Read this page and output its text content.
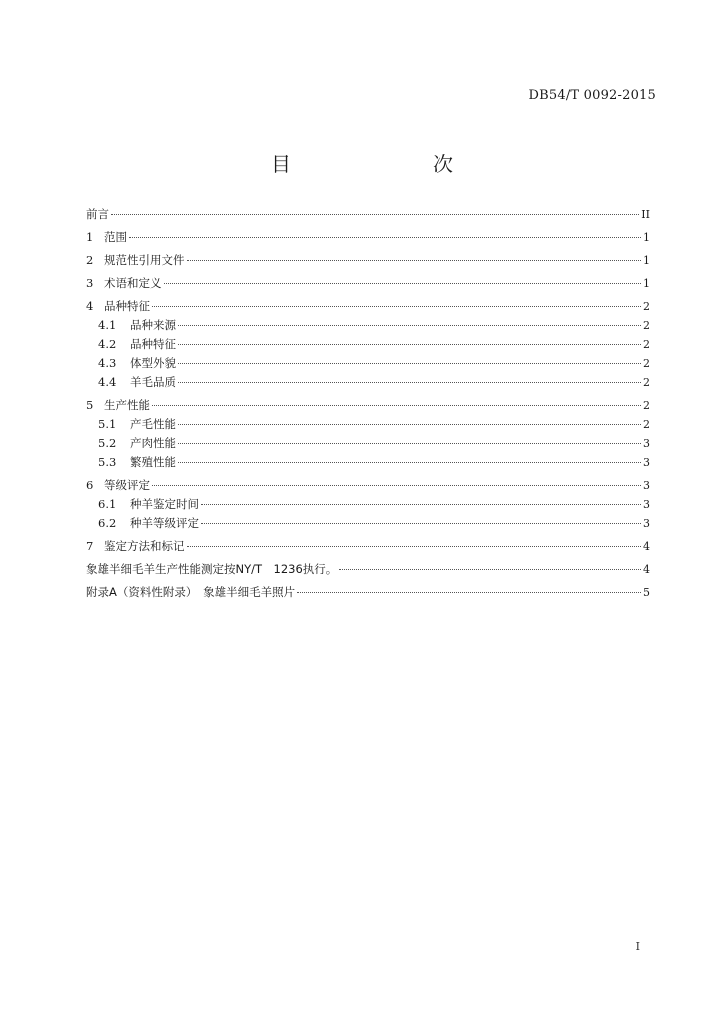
DB54/T 0092-2015
目　　次
前言	II
1 范围	1
2 规范性引用文件	1
3 术语和定义	1
4 品种特征	2
4.1	品种来源	2
4.2	品种特征	2
4.3	体型外貌	2
4.4	羊毛品质	2
5 生产性能	2
5.1	产毛性能	2
5.2	产肉性能	3
5.3	繁殖性能	3
6 等级评定	3
6.1	种羊鉴定时间	3
6.2	种羊等级评定	3
7 鉴定方法和标记	4
象雄半细毛羊生产性能测定按NY/T　1236执行。	4
附录A（资料性附录）　象雄半细毛羊照片	5
I
